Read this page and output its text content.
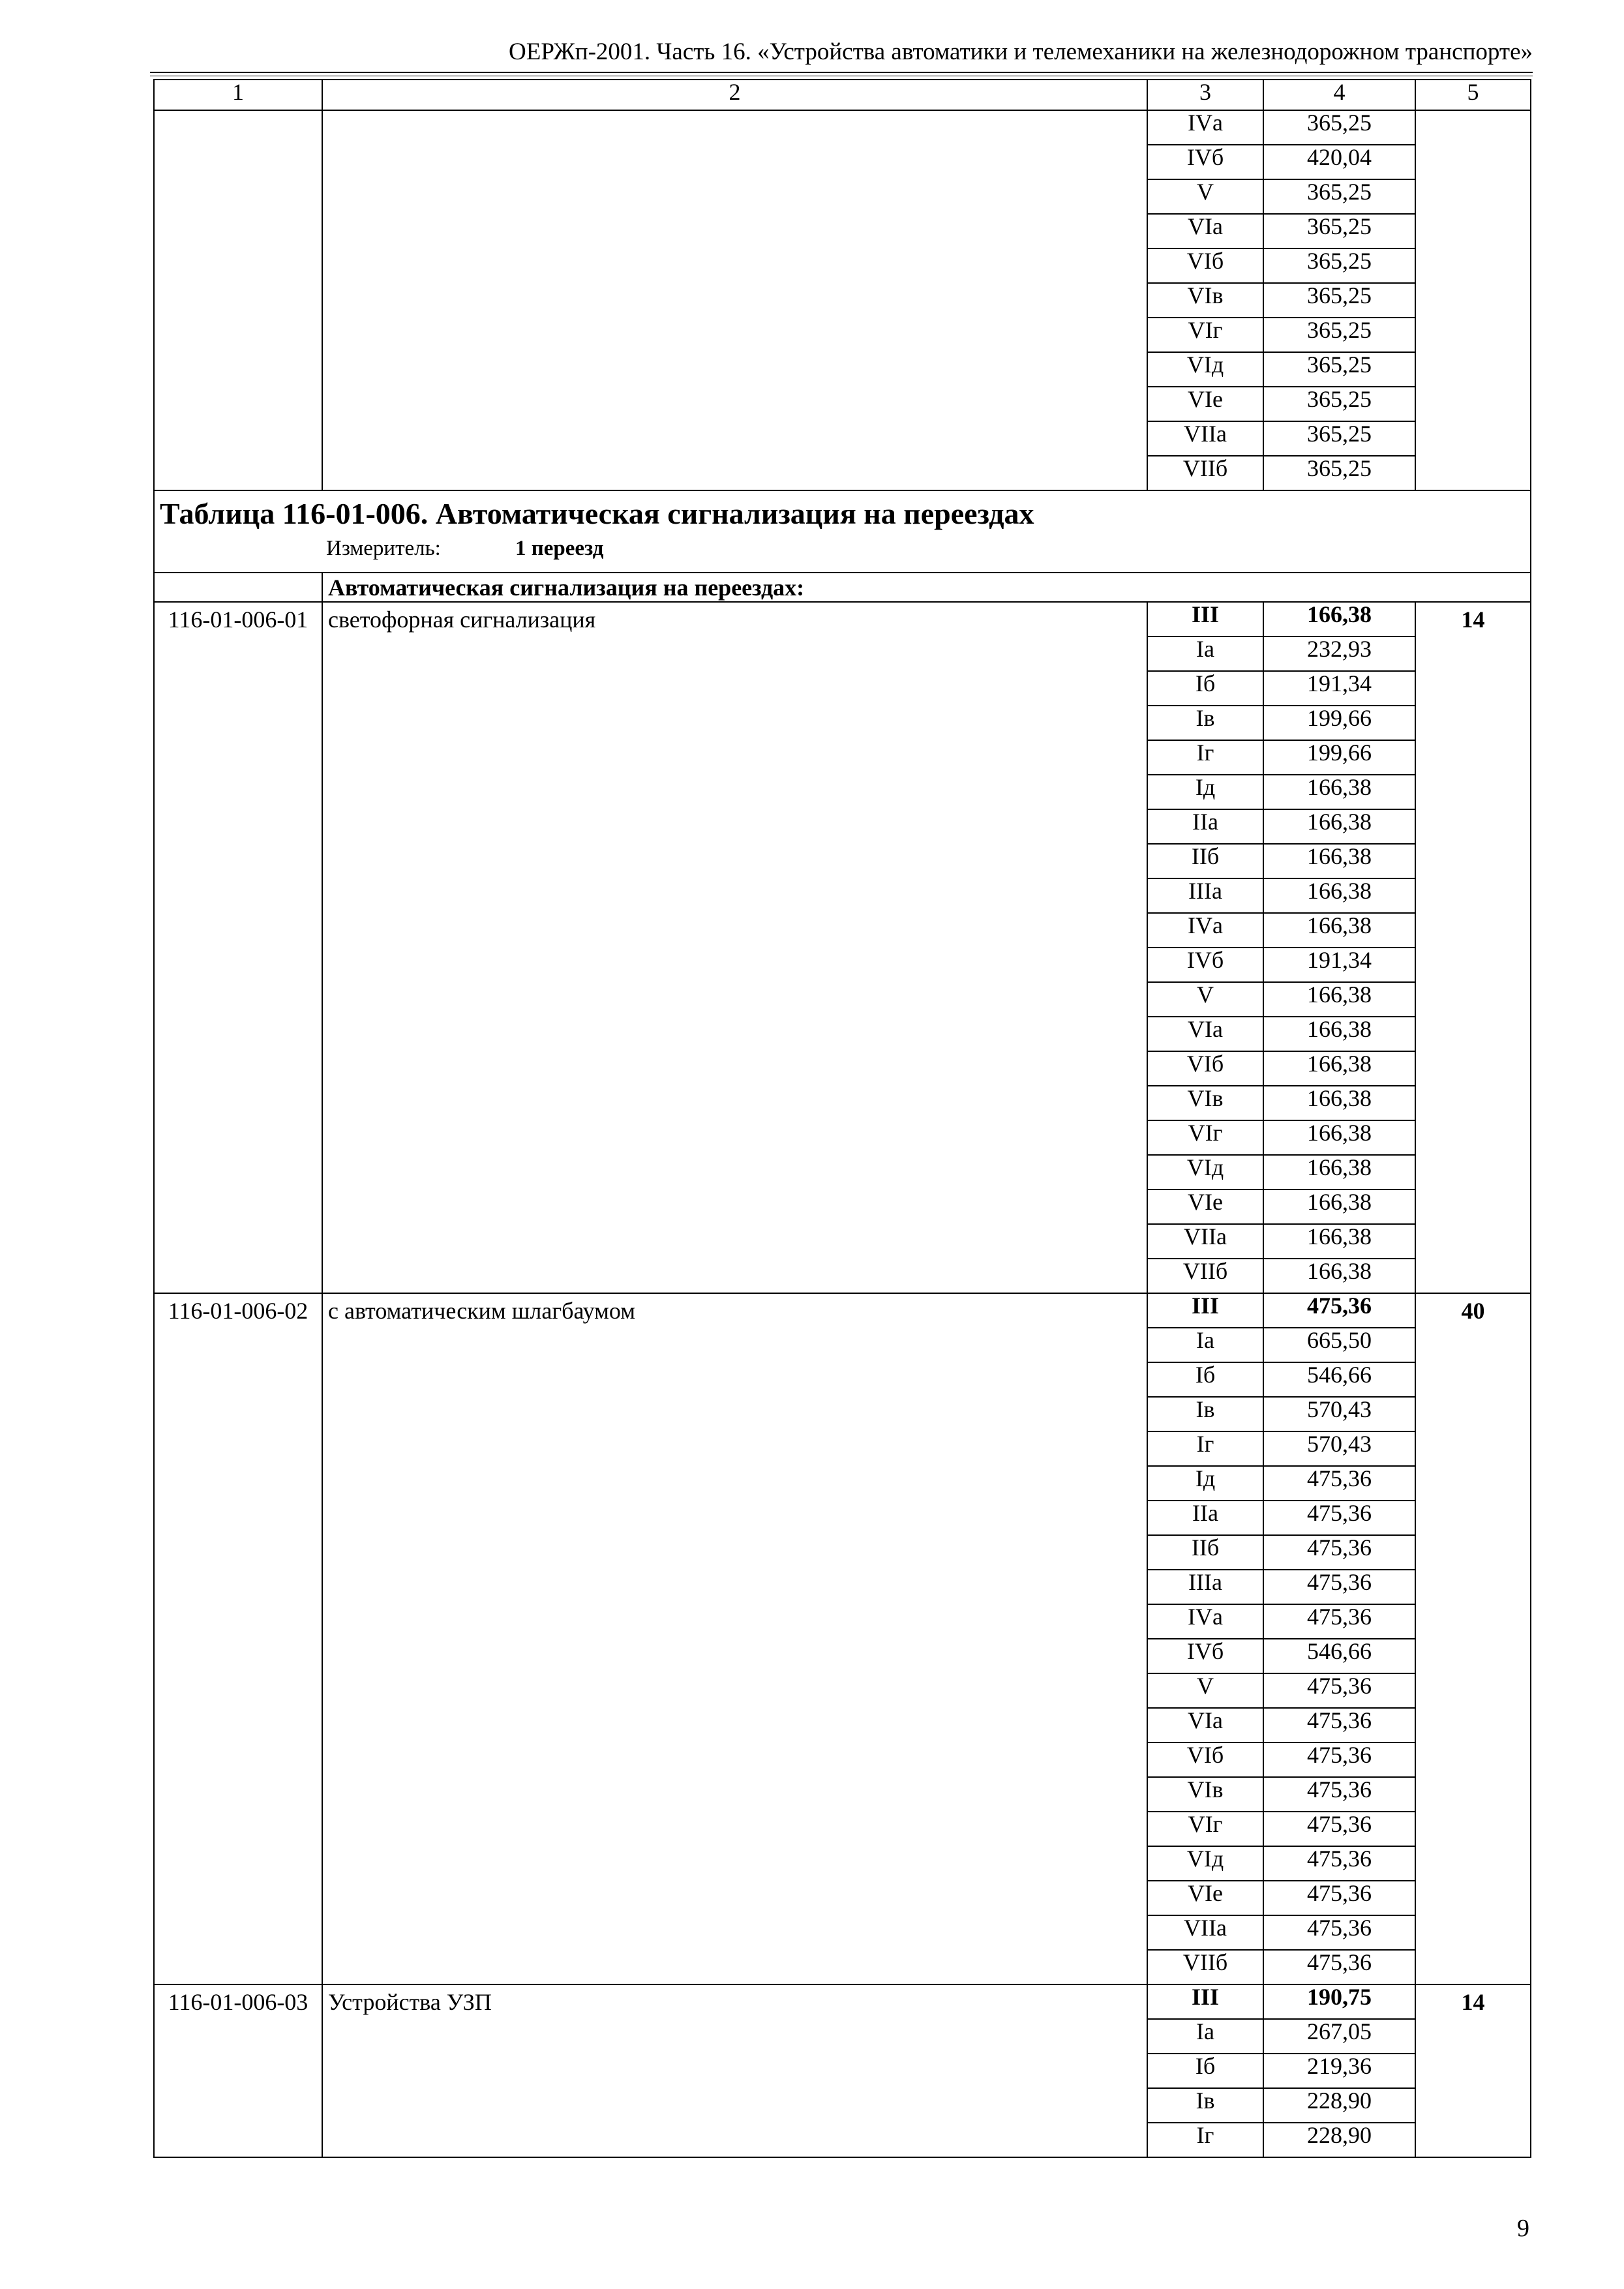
ОЕРЖп-2001. Часть 16. «Устройства автоматики и телемеханики на железнодорожном транспорте»
1	2	3	4	5
		IVа	365,25	
		IVб	420,04	
		V	365,25	
		VIа	365,25	
		VIб	365,25	
		VIв	365,25	
		VIг	365,25	
		VIд	365,25	
		VIе	365,25	
		VIIа	365,25	
		VIIб	365,25	

Таблица 116-01-006. Автоматическая сигнализация на переездах
Измеритель: 1 переезд				

	Автоматическая сигнализация на переездах:			
116-01-006-01	светофорная сигнализация	III	166,38	14
		Iа	232,93	
		Iб	191,34	
		Iв	199,66	
		Iг	199,66	
		Iд	166,38	
		IIа	166,38	
		IIб	166,38	
		IIIа	166,38	
		IVа	166,38	
		IVб	191,34	
		V	166,38	
		VIа	166,38	
		VIб	166,38	
		VIв	166,38	
		VIг	166,38	
		VIд	166,38	
		VIе	166,38	
		VIIа	166,38	
		VIIб	166,38	
116-01-006-02	с автоматическим шлагбаумом	III	475,36	40
		Iа	665,50	
		Iб	546,66	
		Iв	570,43	
		Iг	570,43	
		Iд	475,36	
		IIа	475,36	
		IIб	475,36	
		IIIа	475,36	
		IVа	475,36	
		IVб	546,66	
		V	475,36	
		VIа	475,36	
		VIб	475,36	
		VIв	475,36	
		VIг	475,36	
		VIд	475,36	
		VIе	475,36	
		VIIа	475,36	
		VIIб	475,36	
116-01-006-03	Устройства УЗП	III	190,75	14
		Iа	267,05	
		Iб	219,36	
		Iв	228,90	
		Iг	228,90	
9
